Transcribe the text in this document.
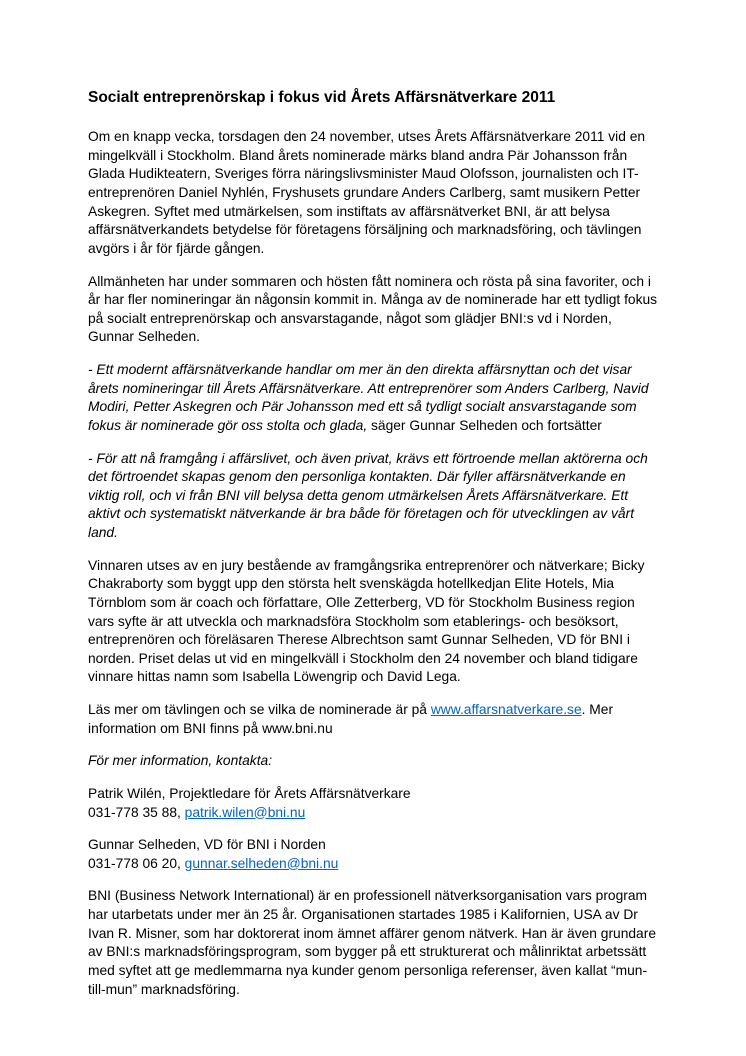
Socialt entreprenörskap i fokus vid Årets Affärsnätverkare 2011

Om en knapp vecka, torsdagen den 24 november, utses Årets Affärsnätverkare 2011 vid en mingelkväll i Stockholm. Bland årets nominerade märks bland andra Pär Johansson från Glada Hudikteatern, Sveriges förra näringslivsminister Maud Olofsson, journalisten och IT-entreprenören Daniel Nyhlén, Fryshusets grundare Anders Carlberg, samt musikern Petter Askegren. Syftet med utmärkelsen, som instiftats av affärsnätverket BNI, är att belysa affärsnätverkandets betydelse för företagens försäljning och marknadsföring, och tävlingen avgörs i år för fjärde gången.

Allmänheten har under sommaren och hösten fått nominera och rösta på sina favoriter, och i år har fler nomineringar än någonsin kommit in. Många av de nominerade har ett tydligt fokus på socialt entreprenörskap och ansvarstagande, något som glädjer BNI:s vd i Norden, Gunnar Selheden.

- Ett modernt affärsnätverkande handlar om mer än den direkta affärsnyttan och det visar årets nomineringar till Årets Affärsnätverkare. Att entreprenörer som Anders Carlberg, Navid Modiri, Petter Askegren och Pär Johansson med ett så tydligt socialt ansvarstagande som fokus är nominerade gör oss stolta och glada, säger Gunnar Selheden och fortsätter

- För att nå framgång i affärslivet, och även privat, krävs ett förtroende mellan aktörerna och det förtroendet skapas genom den personliga kontakten. Där fyller affärsnätverkande en viktig roll, och vi från BNI vill belysa detta genom utmärkelsen Årets Affärsnätverkare. Ett aktivt och systematiskt nätverkande är bra både för företagen och för utvecklingen av vårt land.

Vinnaren utses av en jury bestående av framgångsrika entreprenörer och nätverkare; Bicky Chakraborty som byggt upp den största helt svenskägda hotellkedjan Elite Hotels, Mia Törnblom som är coach och författare, Olle Zetterberg, VD för Stockholm Business region vars syfte är att utveckla och marknadsföra Stockholm som etablerings- och besöksort, entreprenören och föreläsaren Therese Albrechtson samt Gunnar Selheden, VD för BNI i norden. Priset delas ut vid en mingelkväll i Stockholm den 24 november och bland tidigare vinnare hittas namn som Isabella Löwengrip och David Lega.

Läs mer om tävlingen och se vilka de nominerade är på www.affarsnatverkare.se. Mer information om BNI finns på www.bni.nu

För mer information, kontakta:

Patrik Wilén, Projektledare för Årets Affärsnätverkare

031-778 35 88, patrik.wilen@bni.nu

Gunnar Selheden, VD för BNI i Norden

031-778 06 20, gunnar.selheden@bni.nu

BNI (Business Network International) är en professionell nätverksorganisation vars program har utarbetats under mer än 25 år. Organisationen startades 1985 i Kalifornien, USA av Dr Ivan R. Misner, som har doktorerat inom ämnet affärer genom nätverk. Han är även grundare av BNI:s marknadsföringsprogram, som bygger på ett strukturerat och målinriktat arbetssätt med syftet att ge medlemmarna nya kunder genom personliga referenser, även kallat “mun-till-mun” marknadsföring.
